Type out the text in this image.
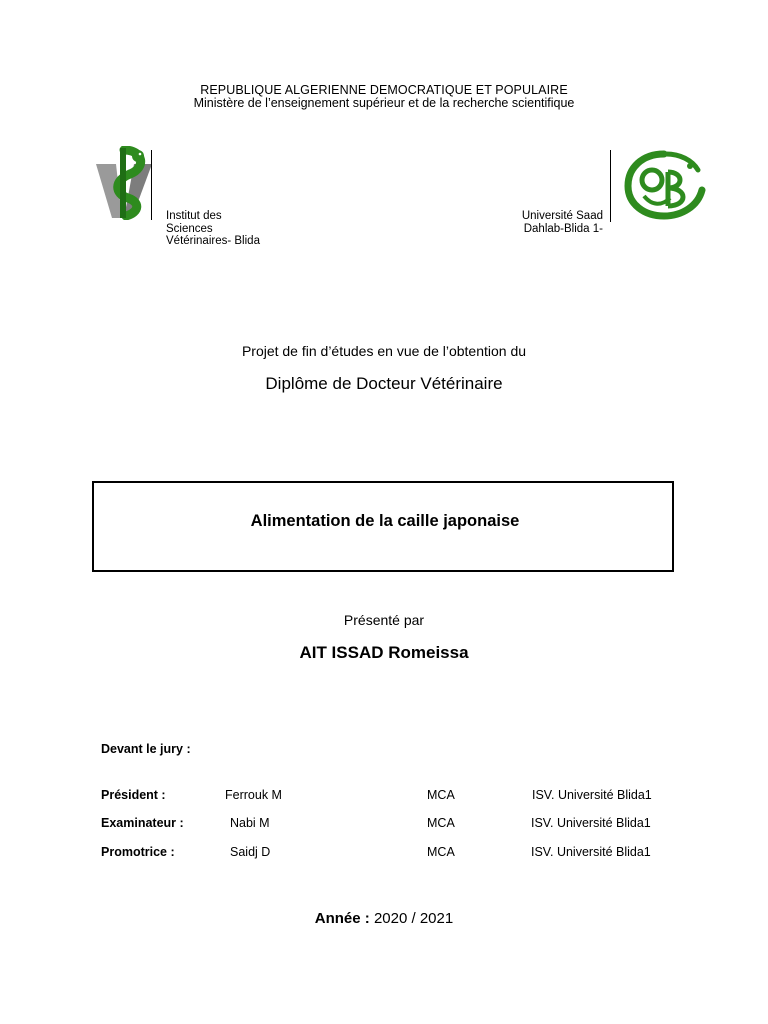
REPUBLIQUE ALGERIENNE DEMOCRATIQUE ET POPULAIRE
Ministère de l’enseignement supérieur et de la recherche scientifique
Institut des
Sciences
Vétérinaires- Blida
Université Saad
Dahlab-Blida 1-
Projet de fin d’études en vue de l’obtention du
Diplôme de Docteur Vétérinaire
Alimentation de la caille japonaise
Présenté par
AIT ISSAD Romeissa
Devant le jury :
Président :	Ferrouk M	MCA	ISV. Université Blida1
Examinateur :	Nabi M	MCA	ISV. Université Blida1
Promotrice :	Saidj D	MCA	ISV. Université Blida1
Année : 2020 / 2021
